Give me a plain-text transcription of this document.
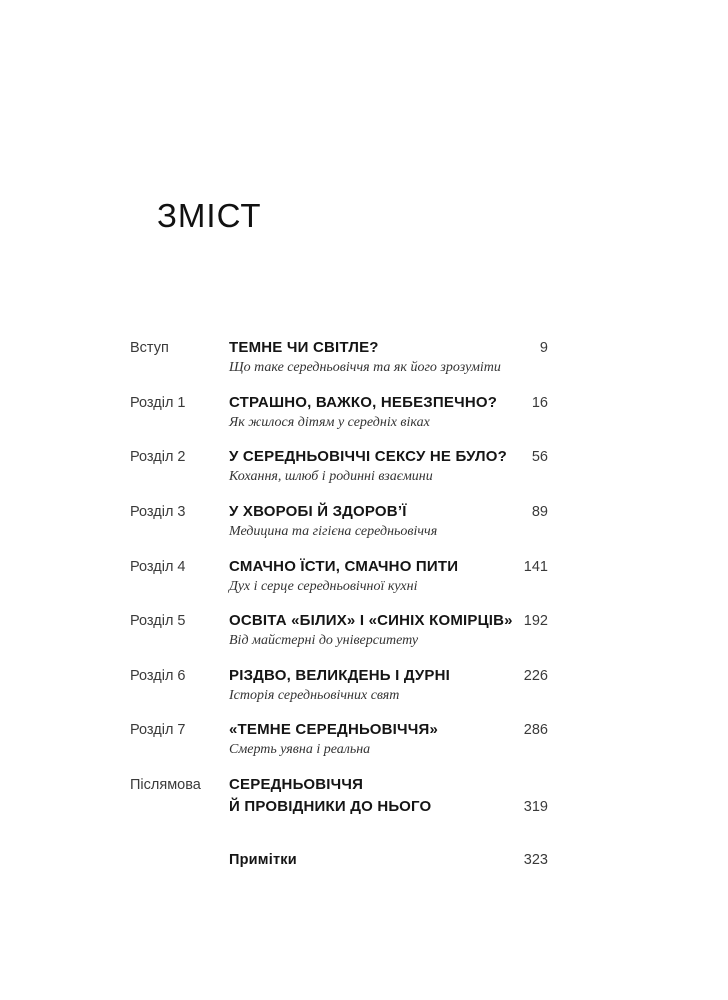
ЗМІСТ
Вступ	ТЕМНЕ ЧИ СВІТЛЕ?
Що таке середньовіччя та як його зрозуміти
9
Розділ 1	СТРАШНО, ВАЖКО, НЕБЕЗПЕЧНО?
Як жилося дітям у середніх віках
16
Розділ 2	У СЕРЕДНЬОВІЧЧІ СЕКСУ НЕ БУЛО?
Кохання, шлюб і родинні взаємини
56
Розділ 3	У ХВОРОБІ Й ЗДОРОВ’Ї
Медицина та гігієна середньовіччя
89
Розділ 4	СМАЧНО ЇСТИ, СМАЧНО ПИТИ
Дух і серце середньовічної кухні
141
Розділ 5	ОСВІТА «БІЛИХ» І «СИНІХ КОМІРЦІВ»
Від майстерні до університету
192
Розділ 6	РІЗДВО, ВЕЛИКДЕНЬ І ДУРНІ
Історія середньовічних свят
226
Розділ 7	«ТЕМНЕ СЕРЕДНЬОВІЧЧЯ»
Смерть уявна і реальна
286
Післямова СЕРЕДНЬОВІЧЧЯ
Й ПРОВІДНИКИ ДО НЬОГО	319
Примітки	323
